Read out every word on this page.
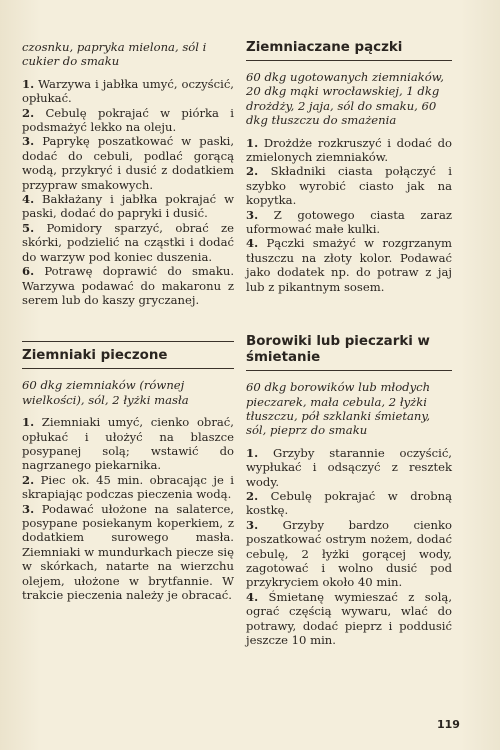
czosnku, papryka mielona, sól i cukier do smaku

1. Warzywa i jabłka umyć, oczyścić, opłukać.

2. Cebulę pokrajać w piórka i podsmażyć lekko na oleju.

3. Paprykę poszatkować w paski, dodać do cebuli, podlać gorącą wodą, przykryć i dusić z dodatkiem przypraw smakowych.

4. Bakłażany i jabłka pokrajać w paski, dodać do papryki i dusić.

5. Pomidory sparzyć, obrać ze skórki, podzielić na cząstki i dodać do warzyw pod koniec duszenia.

6. Potrawę doprawić do smaku. Warzywa podawać do makaronu z serem lub do kaszy gryczanej.

Ziemniaki pieczone

60 dkg ziemniaków (równej wielkości), sól, 2 łyżki masła

1. Ziemniaki umyć, cienko obrać, opłukać i ułożyć na blaszce posypanej solą; wstawić do nagrzanego piekarnika.

2. Piec ok. 45 min. obracając je i skrapiając podczas pieczenia wodą.

3. Podawać ułożone na salaterce, posypane posiekanym koperkiem, z dodatkiem surowego masła. Ziemniaki w mundurkach piecze się w skórkach, natarte na wierzchu olejem, ułożone w brytfannie. W trakcie pieczenia należy je obracać.

Ziemniaczane pączki

60 dkg ugotowanych ziemniaków, 20 dkg mąki wrocławskiej, 1 dkg drożdży, 2 jaja, sól do smaku, 60 dkg tłuszczu do smażenia

1. Drożdże rozkruszyć i dodać do zmielonych ziemniaków.

2. Składniki ciasta połączyć i szybko wyrobić ciasto jak na kopytka.

3. Z gotowego ciasta zaraz uformować małe kulki.

4. Pączki smażyć w rozgrzanym tłuszczu na złoty kolor. Podawać jako dodatek np. do potraw z jaj lub z pikantnym sosem.

Borowiki lub pieczarki w śmietanie

60 dkg borowików lub młodych pieczarek, mała cebula, 2 łyżki tłuszczu, pół szklanki śmietany, sól, pieprz do smaku

1. Grzyby starannie oczyścić, wypłukać i odsączyć z resztek wody.

2. Cebulę pokrajać w drobną kostkę.

3. Grzyby bardzo cienko poszatkować ostrym nożem, dodać cebulę, 2 łyżki gorącej wody, zagotować i wolno dusić pod przykryciem około 40 min.

4. Śmietanę wymieszać z solą, ograć częścią wywaru, wlać do potrawy, dodać pieprz i poddusić jeszcze 10 min.

119
